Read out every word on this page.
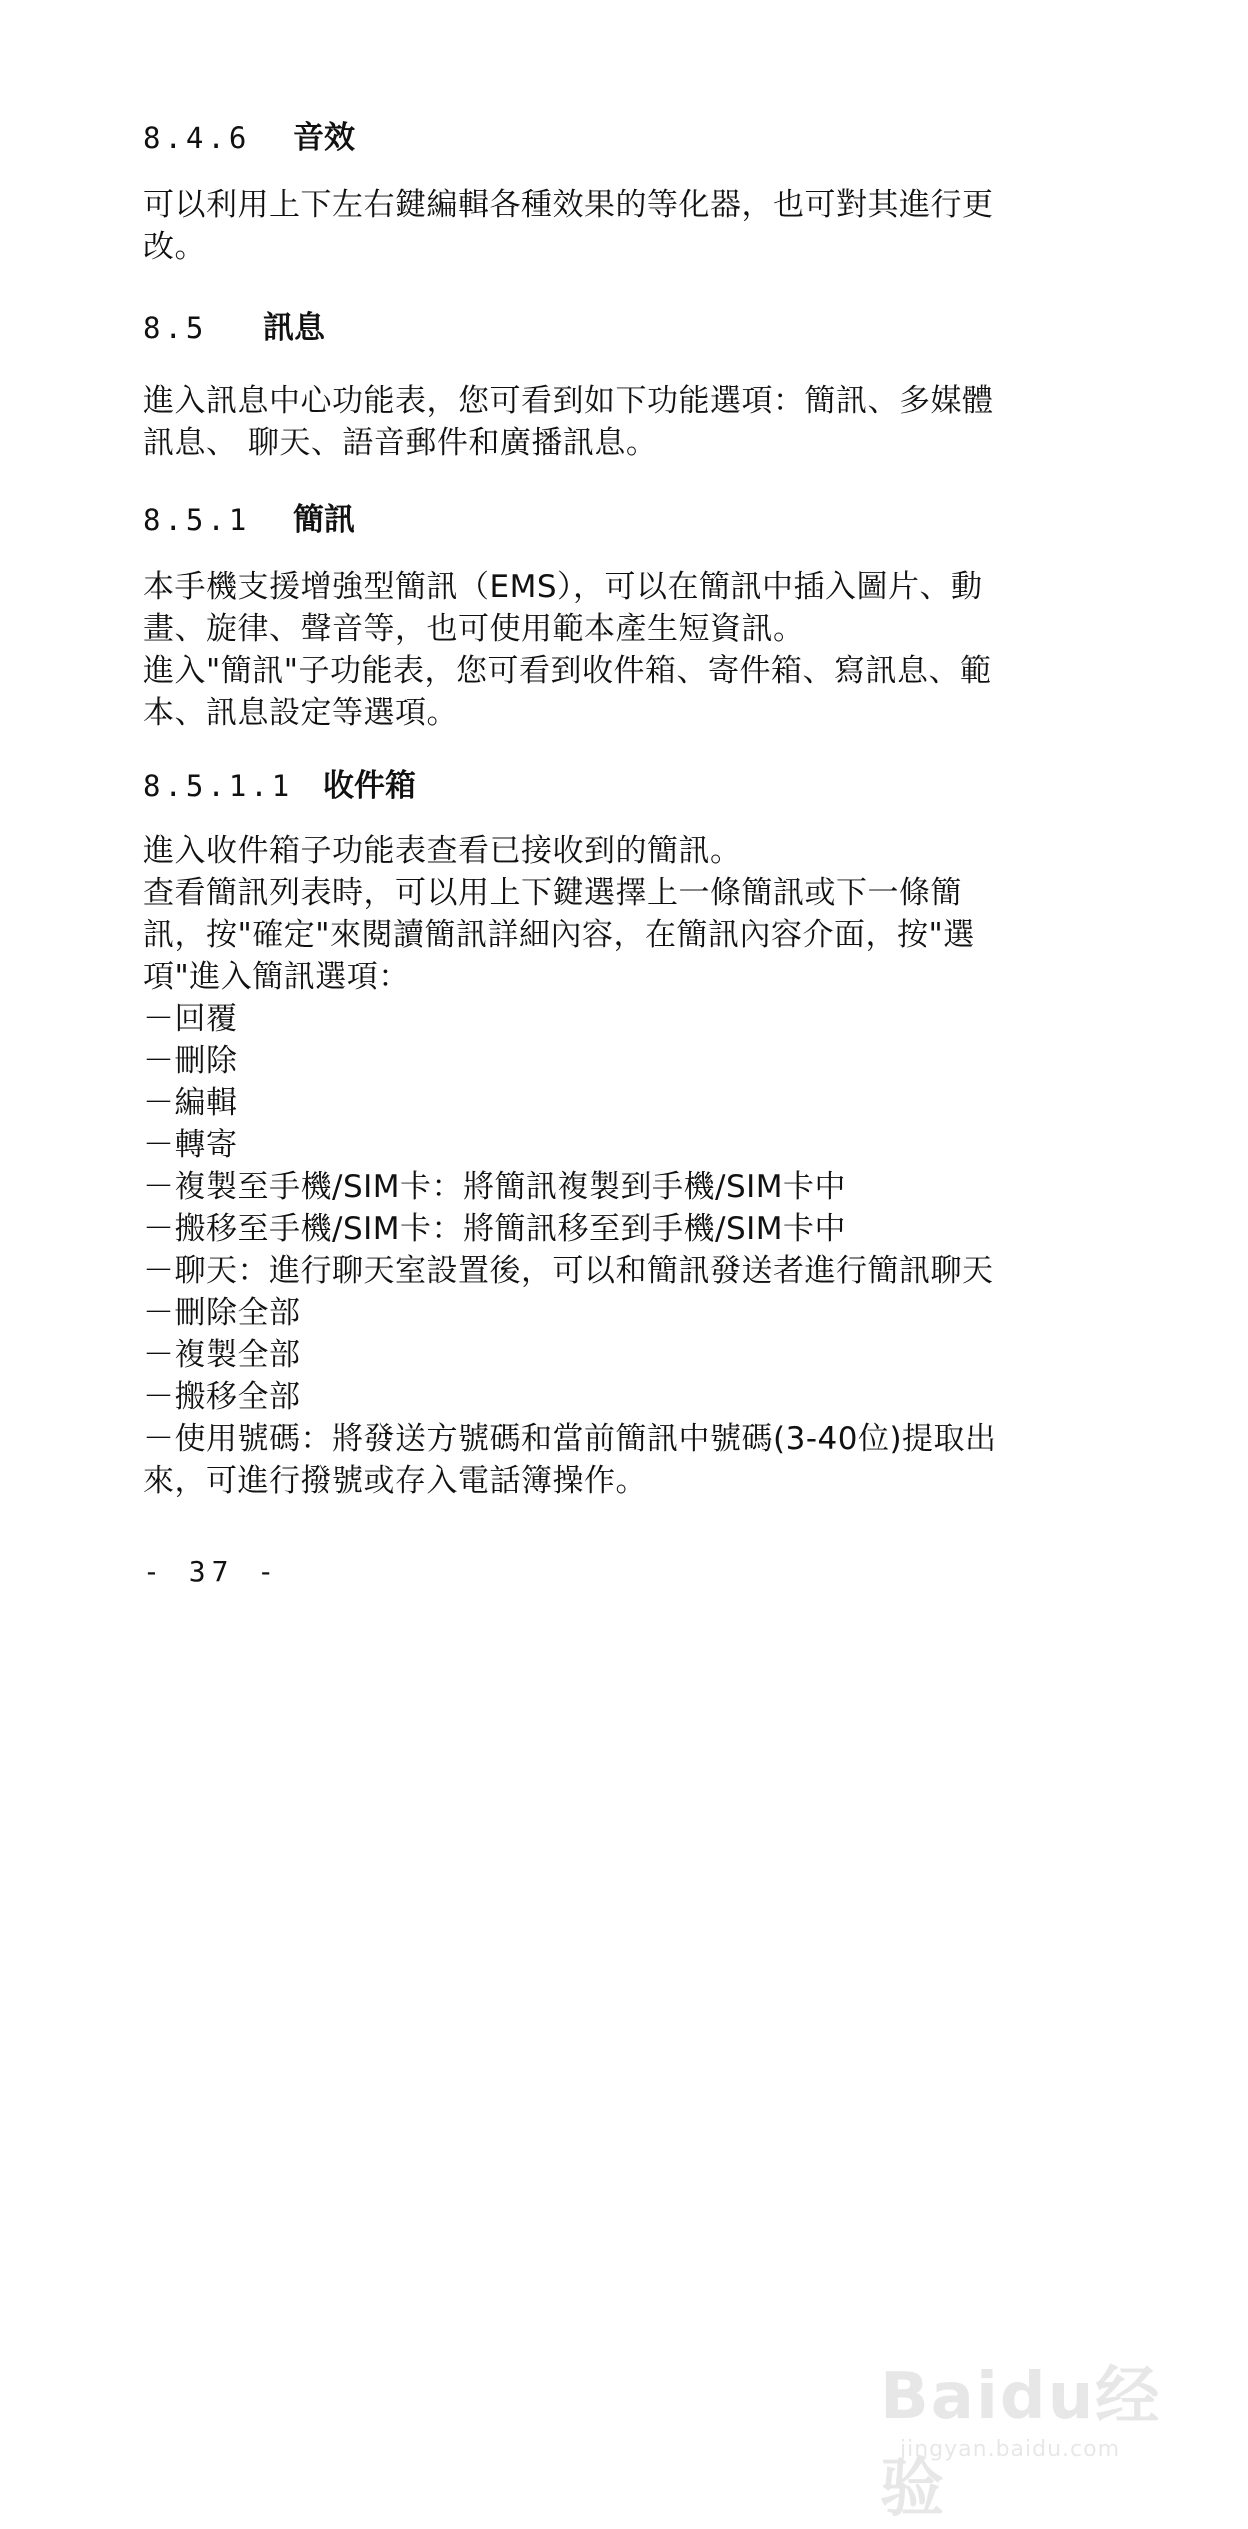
8.4.6 音效
可以利用上下左右鍵編輯各種效果的等化器，也可對其進行更
改。
8.5 訊息
進入訊息中心功能表，您可看到如下功能選項：簡訊、多媒體
訊息、 聊天、語音郵件和廣播訊息。
8.5.1 簡訊
本手機支援增強型簡訊（EMS），可以在簡訊中插入圖片、動
畫、旋律、聲音等，也可使用範本產生短資訊。
進入"簡訊"子功能表，您可看到收件箱、寄件箱、寫訊息、範
本、訊息設定等選項。
8.5.1.1 收件箱
進入收件箱子功能表查看已接收到的簡訊。
查看簡訊列表時，可以用上下鍵選擇上一條簡訊或下一條簡
訊，按"確定"來閱讀簡訊詳細內容，在簡訊內容介面，按"選
項"進入簡訊選項：
－回覆
－刪除
－編輯
－轉寄
－複製至手機/SIM卡：將簡訊複製到手機/SIM卡中
－搬移至手機/SIM卡：將簡訊移至到手機/SIM卡中
－聊天：進行聊天室設置後，可以和簡訊發送者進行簡訊聊天
－刪除全部
－複製全部
－搬移全部
－使用號碼：將發送方號碼和當前簡訊中號碼(3-40位)提取出
來，可進行撥號或存入電話簿操作。
- 37 -
Baidu经验
jingyan.baidu.com
